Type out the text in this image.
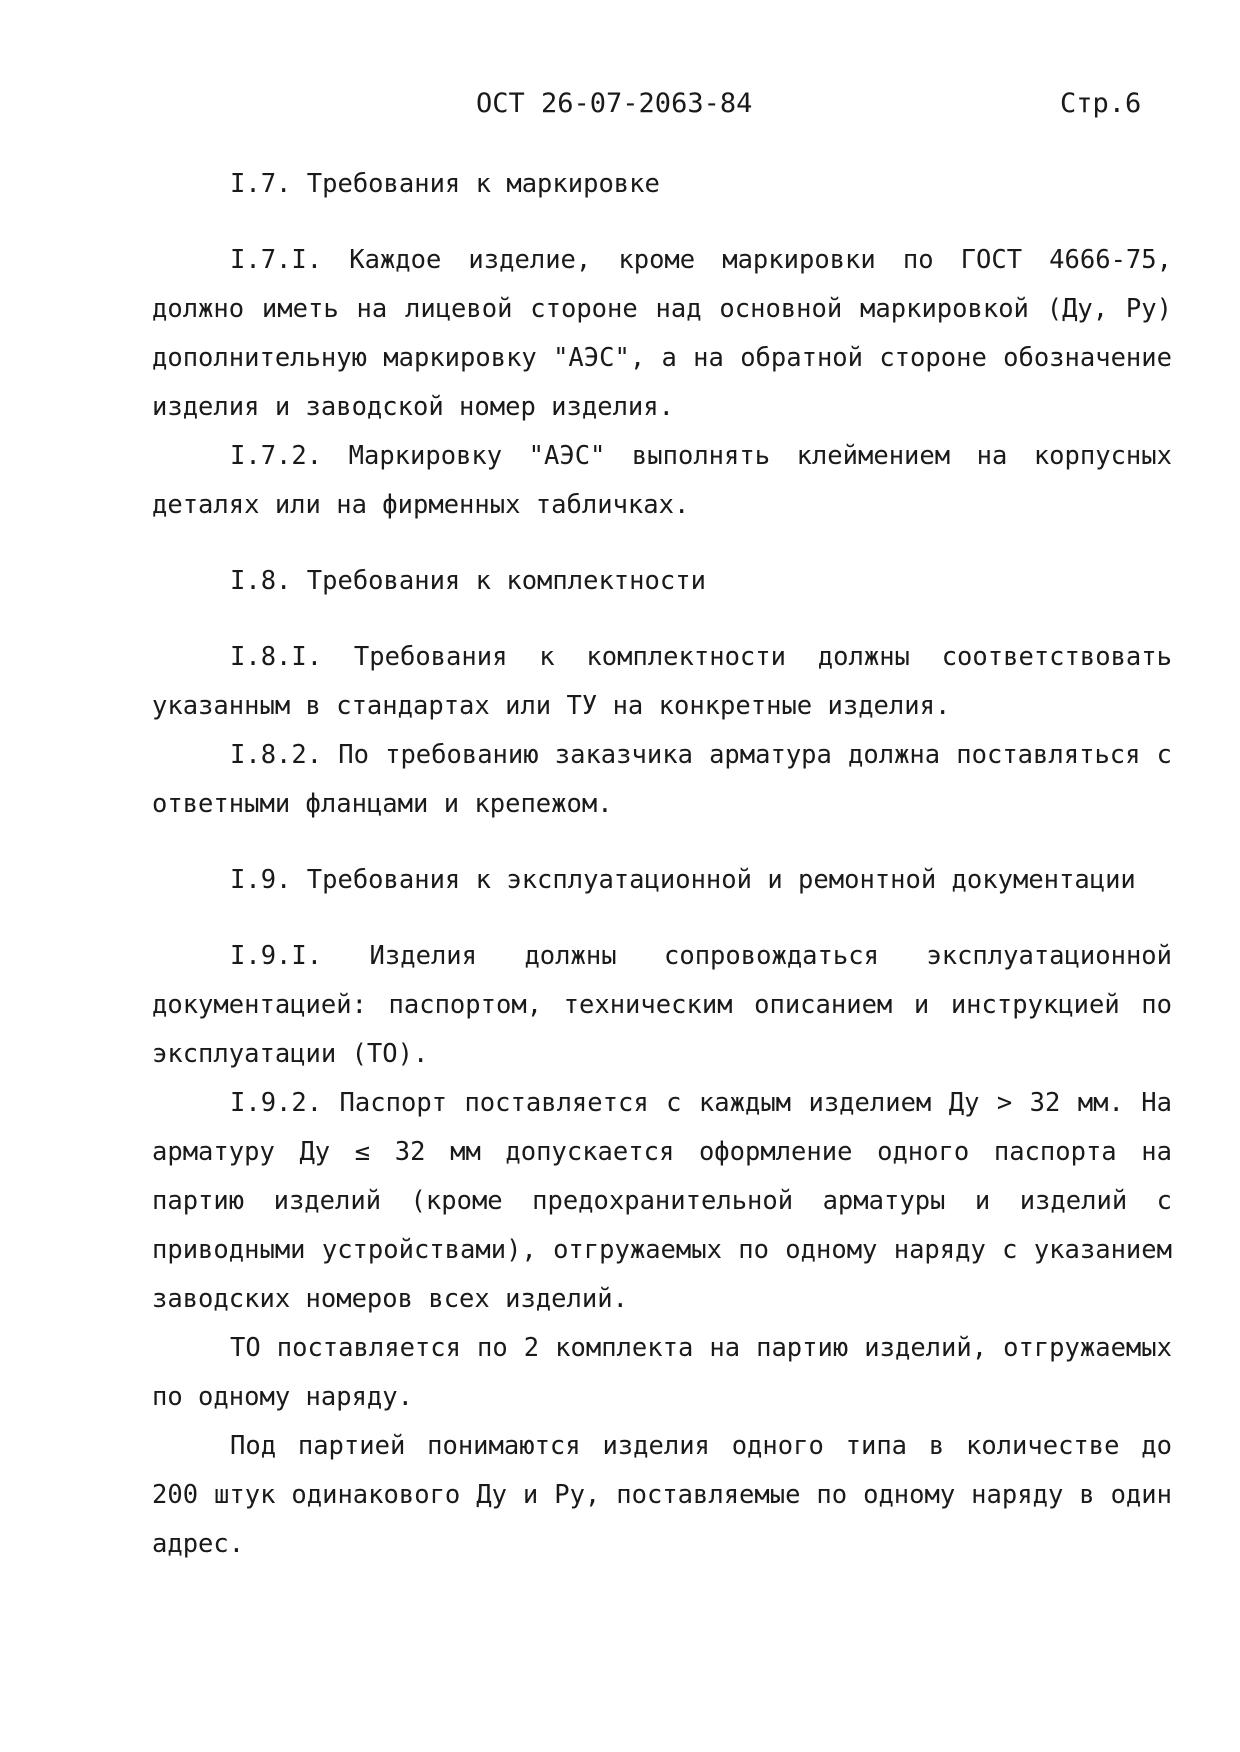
ОСТ 26-07-2063-84	Стр.6

I.7. Требования к маркировке

I.7.I. Каждое изделие, кроме маркировки по ГОСТ 4666-75, должно иметь на лицевой стороне над основной маркировкой (Ду, Ру) дополнительную маркировку "АЭС", а на обратной стороне обозначение изделия и заводской номер изделия.

I.7.2. Маркировку "АЭС" выполнять клеймением на корпусных деталях или на фирменных табличках.

I.8. Требования к комплектности

I.8.I. Требования к комплектности должны соответствовать указанным в стандартах или ТУ на конкретные изделия.

I.8.2. По требованию заказчика арматура должна поставляться с ответными фланцами и крепежом.

I.9. Требования к эксплуатационной и ремонтной документации

I.9.I. Изделия должны сопровождаться эксплуатационной документацией: паспортом, техническим описанием и инструкцией по эксплуатации (ТО).

I.9.2. Паспорт поставляется с каждым изделием Ду > 32 мм. На арматуру Ду ≤ 32 мм допускается оформление одного паспорта на партию изделий (кроме предохранительной арматуры и изделий с приводными устройствами), отгружаемых по одному наряду с указанием заводских номеров всех изделий.

ТО поставляется по 2 комплекта на партию изделий, отгружаемых по одному наряду.

Под партией понимаются изделия одного типа в количестве до 200 штук одинакового Ду и Ру, поставляемые по одному наряду в один адрес.
